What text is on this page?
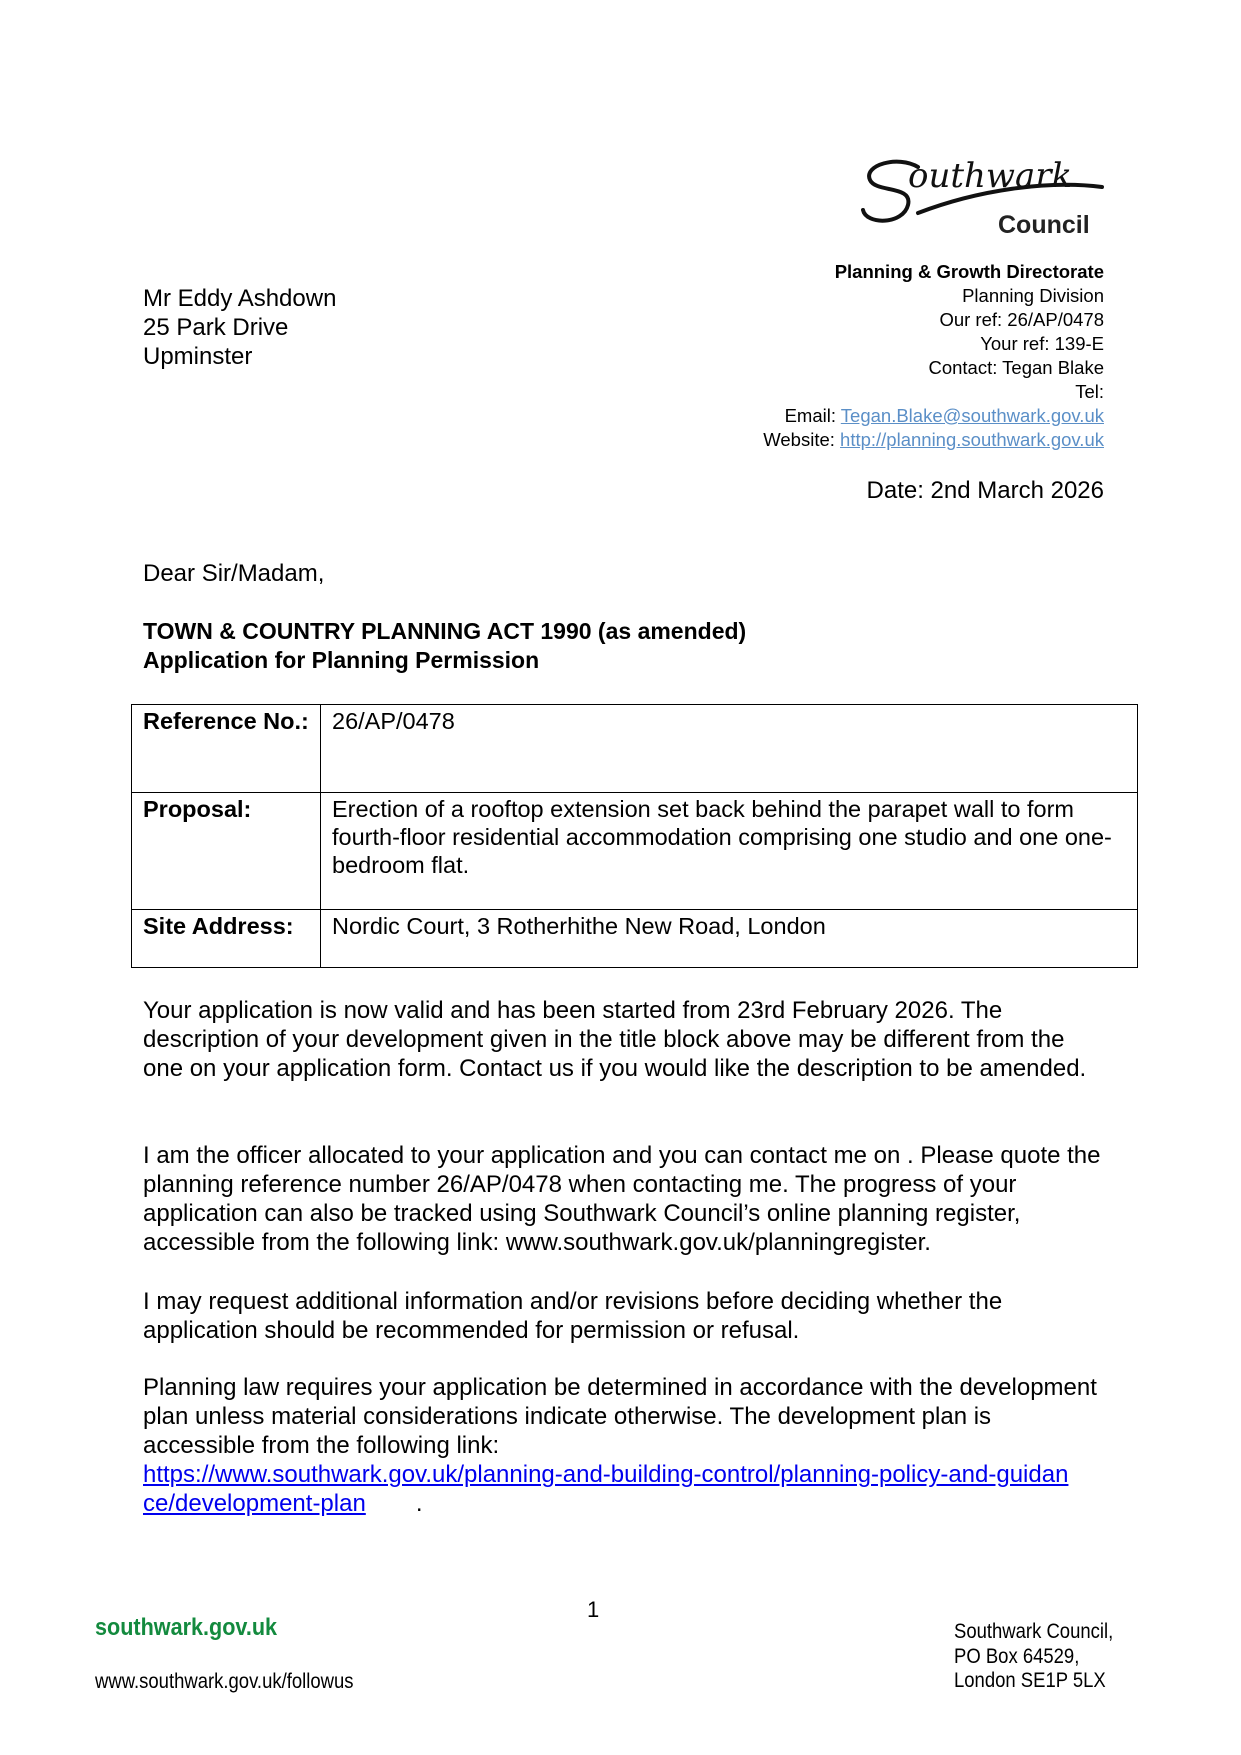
outhwark
Council
Mr Eddy Ashdown
25 Park Drive
Upminster
Planning & Growth Directorate
Planning Division
Our ref: 26/AP/0478
Your ref: 139-E
Contact: Tegan Blake
Tel:
Email: Tegan.Blake@southwark.gov.uk
Website: http://planning.southwark.gov.uk
Date: 2nd March 2026
Dear Sir/Madam,
TOWN & COUNTRY PLANNING ACT 1990 (as amended)
Application for Planning Permission
Reference No.:	26/AP/0478
Proposal:	Erection of a rooftop extension set back behind the parapet wall to form fourth-floor residential accommodation comprising one studio and one one-bedroom flat.
Site Address:	Nordic Court, 3 Rotherhithe New Road, London
Your application is now valid and has been started from 23rd February 2026. The description of your development given in the title block above may be different from the one on your application form. Contact us if you would like the description to be amended.
I am the officer allocated to your application and you can contact me on . Please quote the planning reference number 26/AP/0478 when contacting me. The progress of your application can also be tracked using Southwark Council’s online planning register, accessible from the following link: www.southwark.gov.uk/planningregister.
I may request additional information and/or revisions before deciding whether the application should be recommended for permission or refusal.
Planning law requires your application be determined in accordance with the development plan unless material considerations indicate otherwise. The development plan is accessible from the following link:
https://www.southwark.gov.uk/planning-and-building-control/planning-policy-and-guidance/development-plan .
1
southwark.gov.uk
www.southwark.gov.uk/followus
Southwark Council,
PO Box 64529,
London SE1P 5LX
